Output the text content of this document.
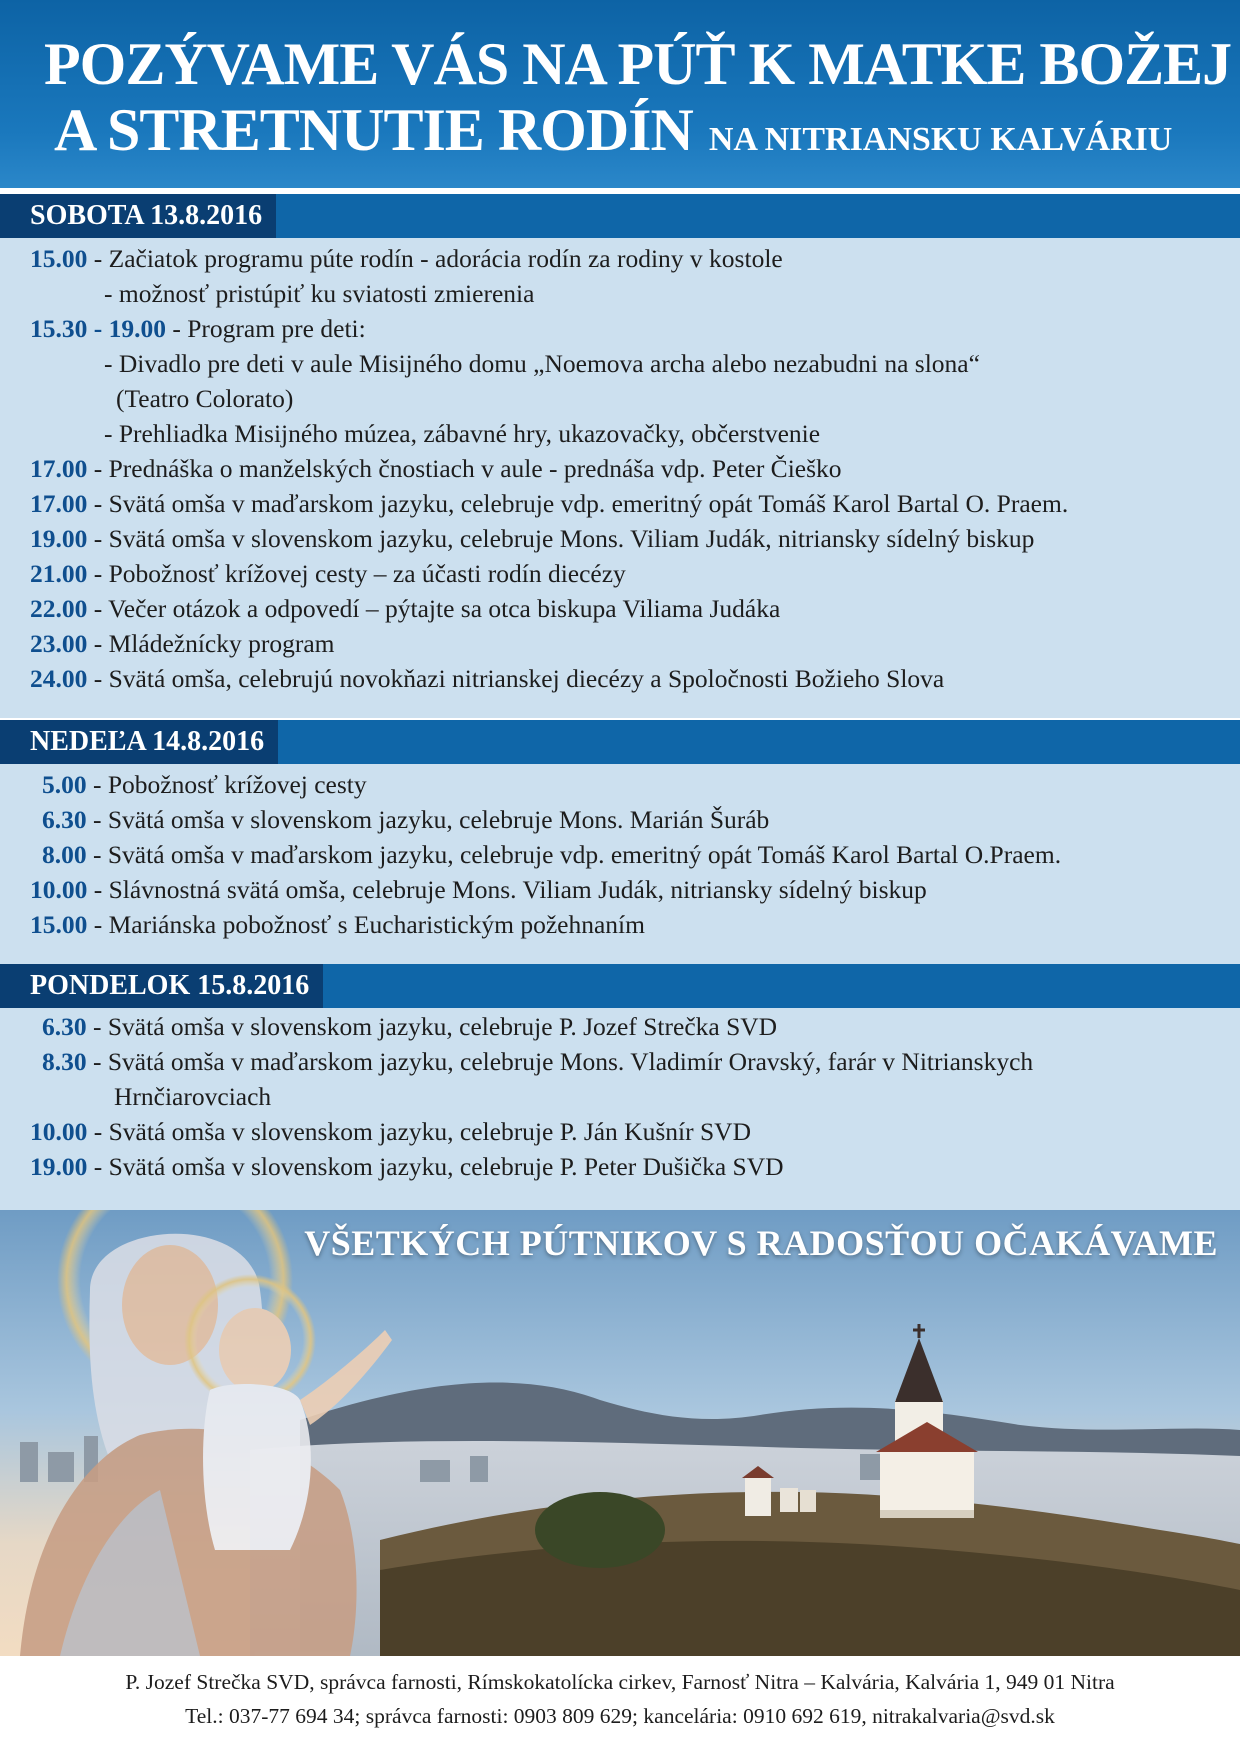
POZÝVAME VÁS NA PÚŤ K MATKE BOŽEJ
A STRETNUTIE RODÍN NA NITRIANSKU KALVÁRIU
SOBOTA 13.8.2016
15.00 - Začiatok programu púte rodín - adorácia rodín za rodiny v kostole
- možnosť pristúpiť ku sviatosti zmierenia
15.30 - 19.00 - Program pre deti:
- Divadlo pre deti v aule Misijného domu „Noemova archa alebo nezabudni na slona“
(Teatro Colorato)
- Prehliadka Misijného múzea, zábavné hry, ukazovačky, občerstvenie
17.00 - Prednáška o manželských čnostiach v aule - prednáša vdp. Peter Čieško
17.00 - Svätá omša v maďarskom jazyku, celebruje vdp. emeritný opát Tomáš Karol Bartal O. Praem.
19.00 - Svätá omša v slovenskom jazyku, celebruje Mons. Viliam Judák, nitriansky sídelný biskup
21.00 - Pobožnosť krížovej cesty – za účasti rodín diecézy
22.00 - Večer otázok a odpovedí – pýtajte sa otca biskupa Viliama Judáka
23.00 - Mládežnícky program
24.00 - Svätá omša, celebrujú novokňazi nitrianskej diecézy a Spoločnosti Božieho Slova
NEDEĽA 14.8.2016
5.00 - Pobožnosť krížovej cesty
6.30 - Svätá omša v slovenskom jazyku, celebruje Mons. Marián Šuráb
8.00 - Svätá omša v maďarskom jazyku, celebruje vdp. emeritný opát Tomáš Karol Bartal O.Praem.
10.00 - Slávnostná svätá omša, celebruje Mons. Viliam Judák, nitriansky sídelný biskup
15.00 - Mariánska pobožnosť s Eucharistickým požehnaním
PONDELOK 15.8.2016
6.30 - Svätá omša v slovenskom jazyku, celebruje P. Jozef Strečka SVD
8.30 - Svätá omša v maďarskom jazyku, celebruje Mons. Vladimír Oravský, farár v Nitrianskych
Hrnčiarovciach
10.00 - Svätá omša v slovenskom jazyku, celebruje P. Ján Kušnír SVD
19.00 - Svätá omša v slovenskom jazyku, celebruje P. Peter Dušička SVD
VŠETKÝCH PÚTNIKOV S RADOSŤOU OČAKÁVAME
P. Jozef Strečka SVD, správca farnosti, Rímskokatolícka cirkev, Farnosť Nitra – Kalvária, Kalvária 1, 949 01 Nitra
Tel.: 037-77 694 34; správca farnosti: 0903 809 629; kancelária: 0910 692 619, nitrakalvaria@svd.sk
